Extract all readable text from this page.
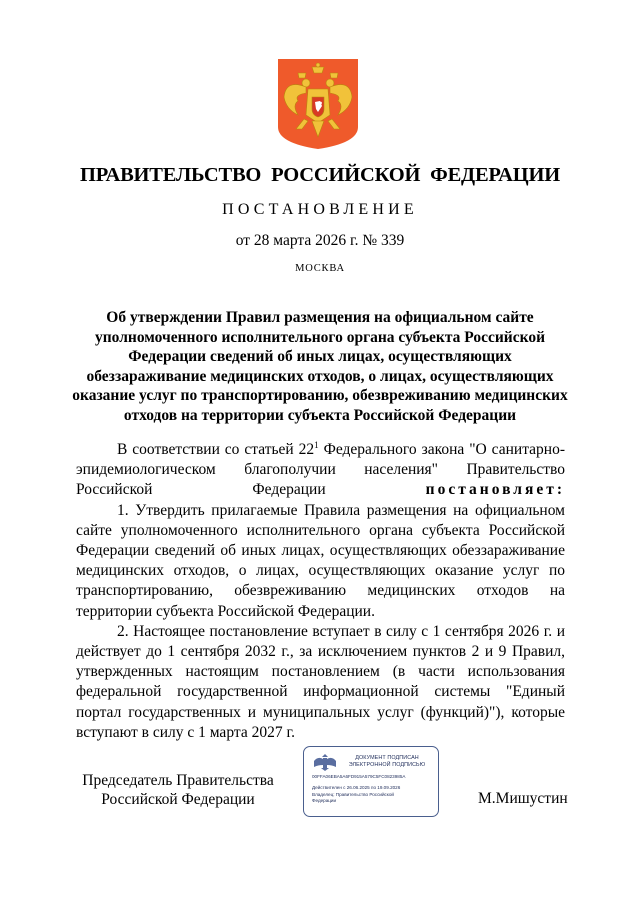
ПРАВИТЕЛЬСТВО РОССИЙСКОЙ ФЕДЕРАЦИИ
ПОСТАНОВЛЕНИЕ
от 28 марта 2026 г. № 339
МОСКВА
Об утверждении Правил размещения на официальном сайте уполномоченного исполнительного органа субъекта Российской Федерации сведений об иных лицах, осуществляющих обеззараживание медицинских отходов, о лицах, осуществляющих оказание услуг по транспортированию, обезвреживанию медицинских отходов на территории субъекта Российской Федерации

В соответствии со статьей $22^1$ Федерального закона "О санитарно-эпидемиологическом благополучии населения" Правительство Российской Федерации постановляет:

1. Утвердить прилагаемые Правила размещения на официальном сайте уполномоченного исполнительного органа субъекта Российской Федерации сведений об иных лицах, осуществляющих обеззараживание медицинских отходов, о лицах, осуществляющих оказание услуг по транспортированию, обезвреживанию медицинских отходов на территории субъекта Российской Федерации.

2. Настоящее постановление вступает в силу с 1 сентября 2026 г. и действует до 1 сентября 2032 г., за исключением пунктов 2 и 9 Правил, утвержденных настоящим постановлением (в части использования федеральной государственной информационной системы "Единый портал государственных и муниципальных услуг (функций)"), которые вступают в силу с 1 марта 2027 г.

Председатель Правительства
Российской Федерации
ДОКУМЕНТ ПОДПИСАН
ЭЛЕКТРОННОЙ ПОДПИСЬЮ
00FFA06EBA5A6FD915A579C5FC0823985A
Действителен с 26.06.2025 по 19.09.2026
Владелец: Правительство Российской
Федерации	М.Мишустин
